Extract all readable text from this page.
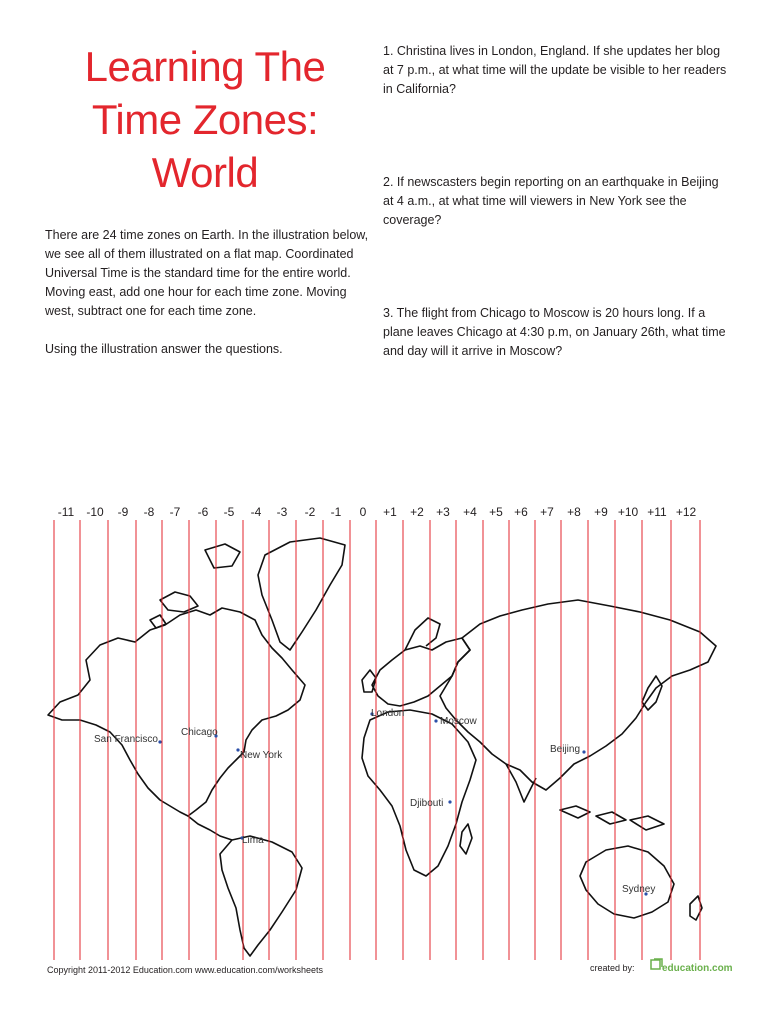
Learning The
Time Zones:
World

There are 24 time zones on Earth. In the illustration below, we see all of them illustrated on a flat map. Coordinated Universal Time is the standard time for the entire world. Moving east, add one hour for each time zone. Moving west, subtract one for each time zone.

Using the illustration answer the questions.

1. Christina lives in London, England. If she updates her blog at 7 p.m., at what time will the update be visible to her readers in California?
2. If newscasters begin reporting on an earthquake in Beijing at 4 a.m., at what time will viewers in New York see the coverage?
3. The flight from Chicago to Moscow is 20 hours long. If a plane leaves Chicago at 4:30 p.m, on January 26th, what time and day will it arrive in Moscow?
-11 -10 -9 -8 -7 -6 -5 -4 -3 -2 -1 0 +1 +2 +3 +4 +5 +6 +7 +8 +9 +10 +11 +12
San Francisco
Chicago
New York
Lima
London
Moscow
Djibouti
Beijing
Sydney
Copyright 2011-2012 Education.com www.education.com/worksheets	created by:	education.com
